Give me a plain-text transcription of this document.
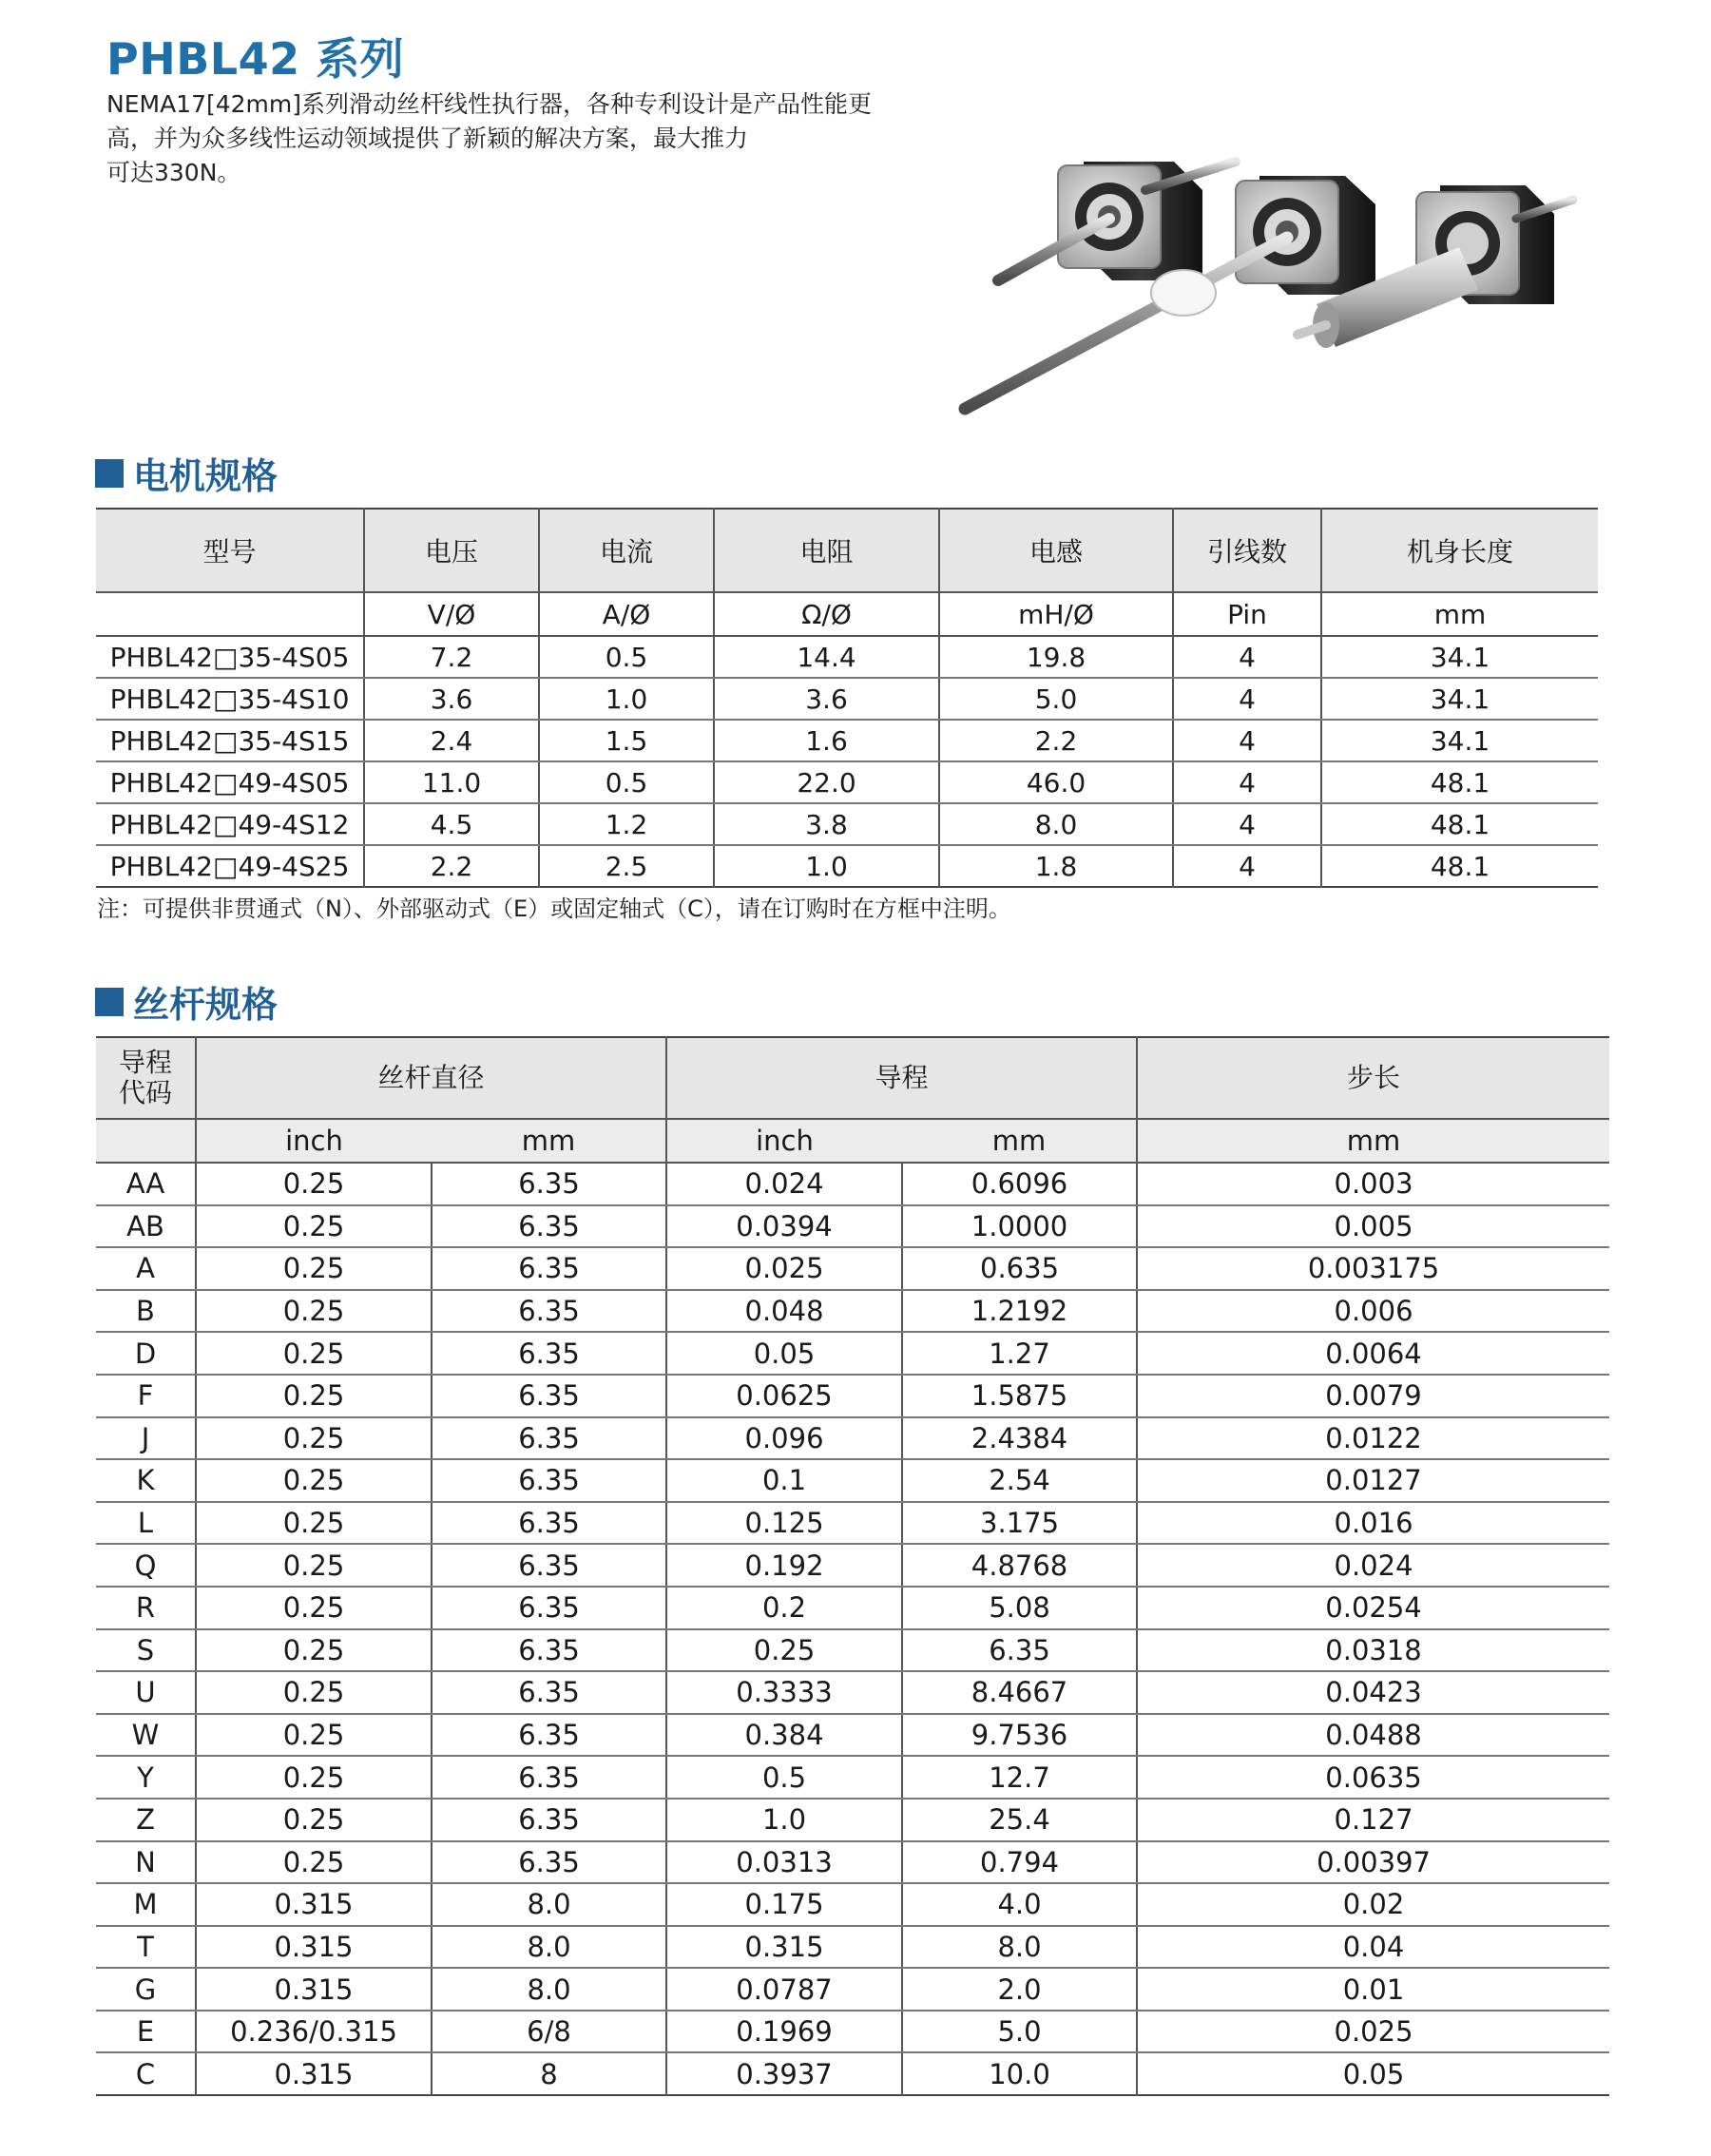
PHBL42 系列

NEMA17[42mm]系列滑动丝杆线性执行器，各种专利设计是产品性能更
高，并为众多线性运动领域提供了新颖的解决方案，最大推力
可达330N。

电机规格
型号	电压	电流	电阻	电感	引线数	机身长度
	V/Ø	A/Ø	Ω/Ø	mH/Ø	Pin	mm
PHBL42□35-4S05	7.2	0.5	14.4	19.8	4	34.1
PHBL42□35-4S10	3.6	1.0	3.6	5.0	4	34.1
PHBL42□35-4S15	2.4	1.5	1.6	2.2	4	34.1
PHBL42□49-4S05	11.0	0.5	22.0	46.0	4	48.1
PHBL42□49-4S12	4.5	1.2	3.8	8.0	4	48.1
PHBL42□49-4S25	2.2	2.5	1.0	1.8	4	48.1

注：可提供非贯通式（N）、外部驱动式（E）或固定轴式（C），请在订购时在方框中注明。

丝杆规格
导程
代码	丝杆直径		导程		步长
	inch	mm	inch	mm	mm
AA	0.25	6.35	0.024	0.6096	0.003
AB	0.25	6.35	0.0394	1.0000	0.005
A	0.25	6.35	0.025	0.635	0.003175
B	0.25	6.35	0.048	1.2192	0.006
D	0.25	6.35	0.05	1.27	0.0064
F	0.25	6.35	0.0625	1.5875	0.0079
J	0.25	6.35	0.096	2.4384	0.0122
K	0.25	6.35	0.1	2.54	0.0127
L	0.25	6.35	0.125	3.175	0.016
Q	0.25	6.35	0.192	4.8768	0.024
R	0.25	6.35	0.2	5.08	0.0254
S	0.25	6.35	0.25	6.35	0.0318
U	0.25	6.35	0.3333	8.4667	0.0423
W	0.25	6.35	0.384	9.7536	0.0488
Y	0.25	6.35	0.5	12.7	0.0635
Z	0.25	6.35	1.0	25.4	0.127
N	0.25	6.35	0.0313	0.794	0.00397
M	0.315	8.0	0.175	4.0	0.02
T	0.315	8.0	0.315	8.0	0.04
G	0.315	8.0	0.0787	2.0	0.01
E	0.236/0.315	6/8	0.1969	5.0	0.025
C	0.315	8	0.3937	10.0	0.05
